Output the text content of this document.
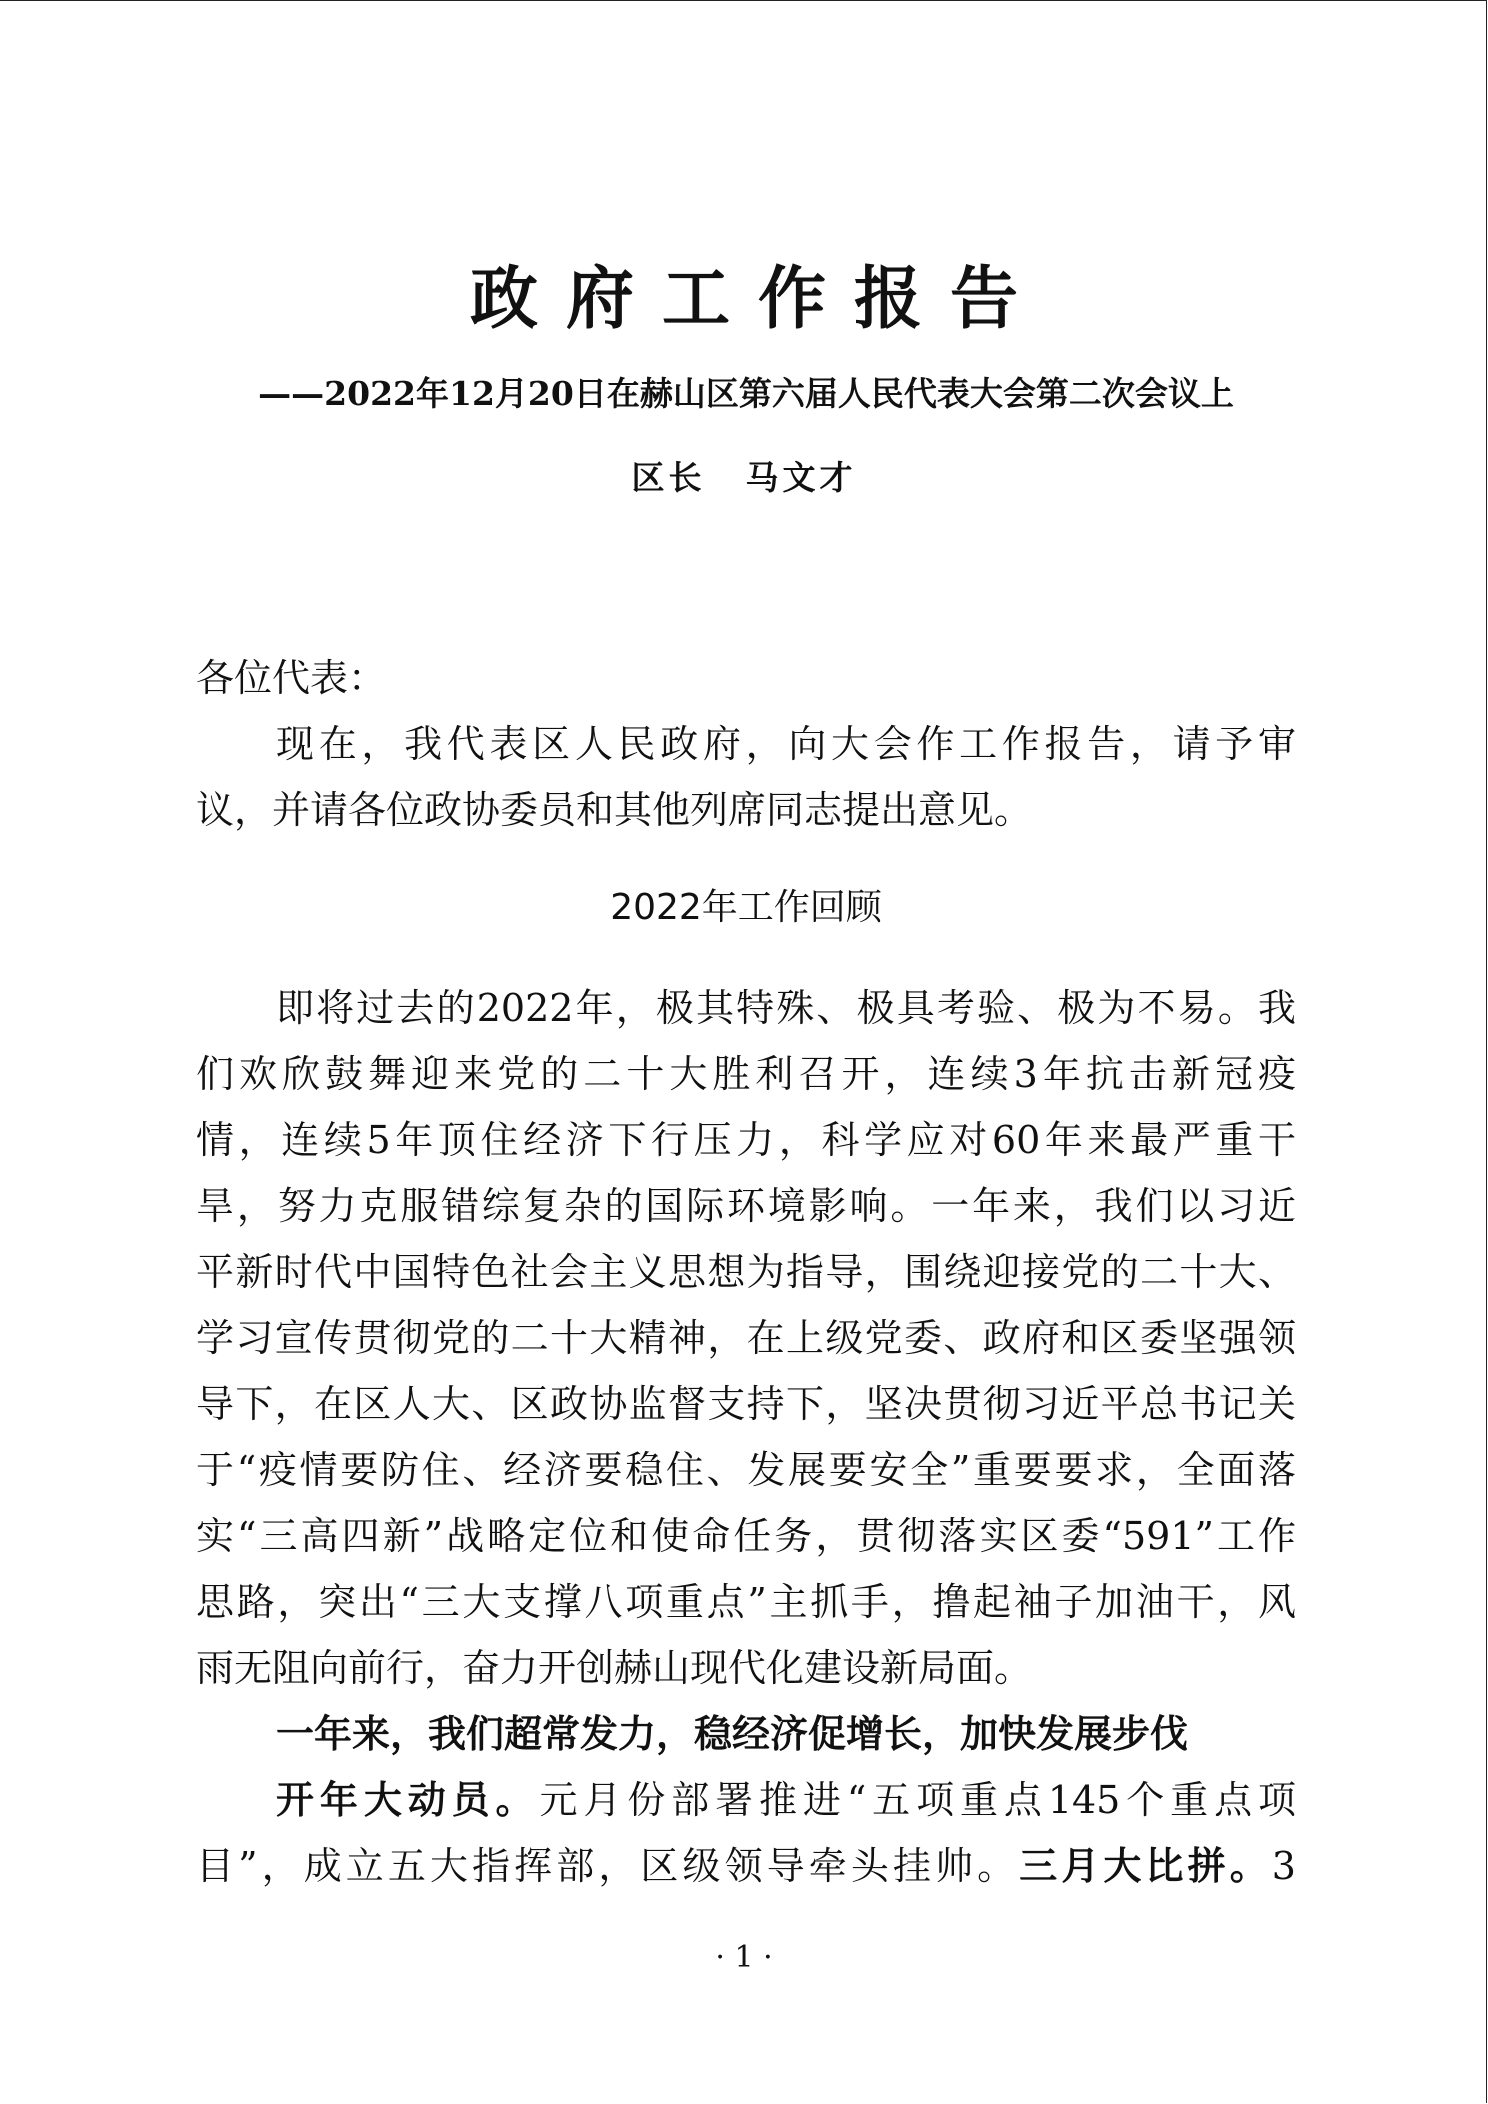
政府工作报告
——2022年12月20日在赫山区第六届人民代表大会第二次会议上
区长 马文才
各位代表：
现在，我代表区人民政府，向大会作工作报告，请予审
议，并请各位政协委员和其他列席同志提出意见。
2022年工作回顾
即将过去的2022年，极其特殊、极具考验、极为不易。我
们欢欣鼓舞迎来党的二十大胜利召开，连续3年抗击新冠疫
情，连续5年顶住经济下行压力，科学应对60年来最严重干
旱，努力克服错综复杂的国际环境影响。一年来，我们以习近
平新时代中国特色社会主义思想为指导，围绕迎接党的二十大、
学习宣传贯彻党的二十大精神，在上级党委、政府和区委坚强领
导下，在区人大、区政协监督支持下，坚决贯彻习近平总书记关
于“疫情要防住、经济要稳住、发展要安全”重要要求，全面落
实“三高四新”战略定位和使命任务，贯彻落实区委“591”工作
思路，突出“三大支撑八项重点”主抓手，撸起袖子加油干，风
雨无阻向前行，奋力开创赫山现代化建设新局面。
一年来，我们超常发力，稳经济促增长，加快发展步伐
开年大动员。元月份部署推进“五项重点145个重点项
目”，成立五大指挥部，区级领导牵头挂帅。三月大比拼。3
· 1 ·
